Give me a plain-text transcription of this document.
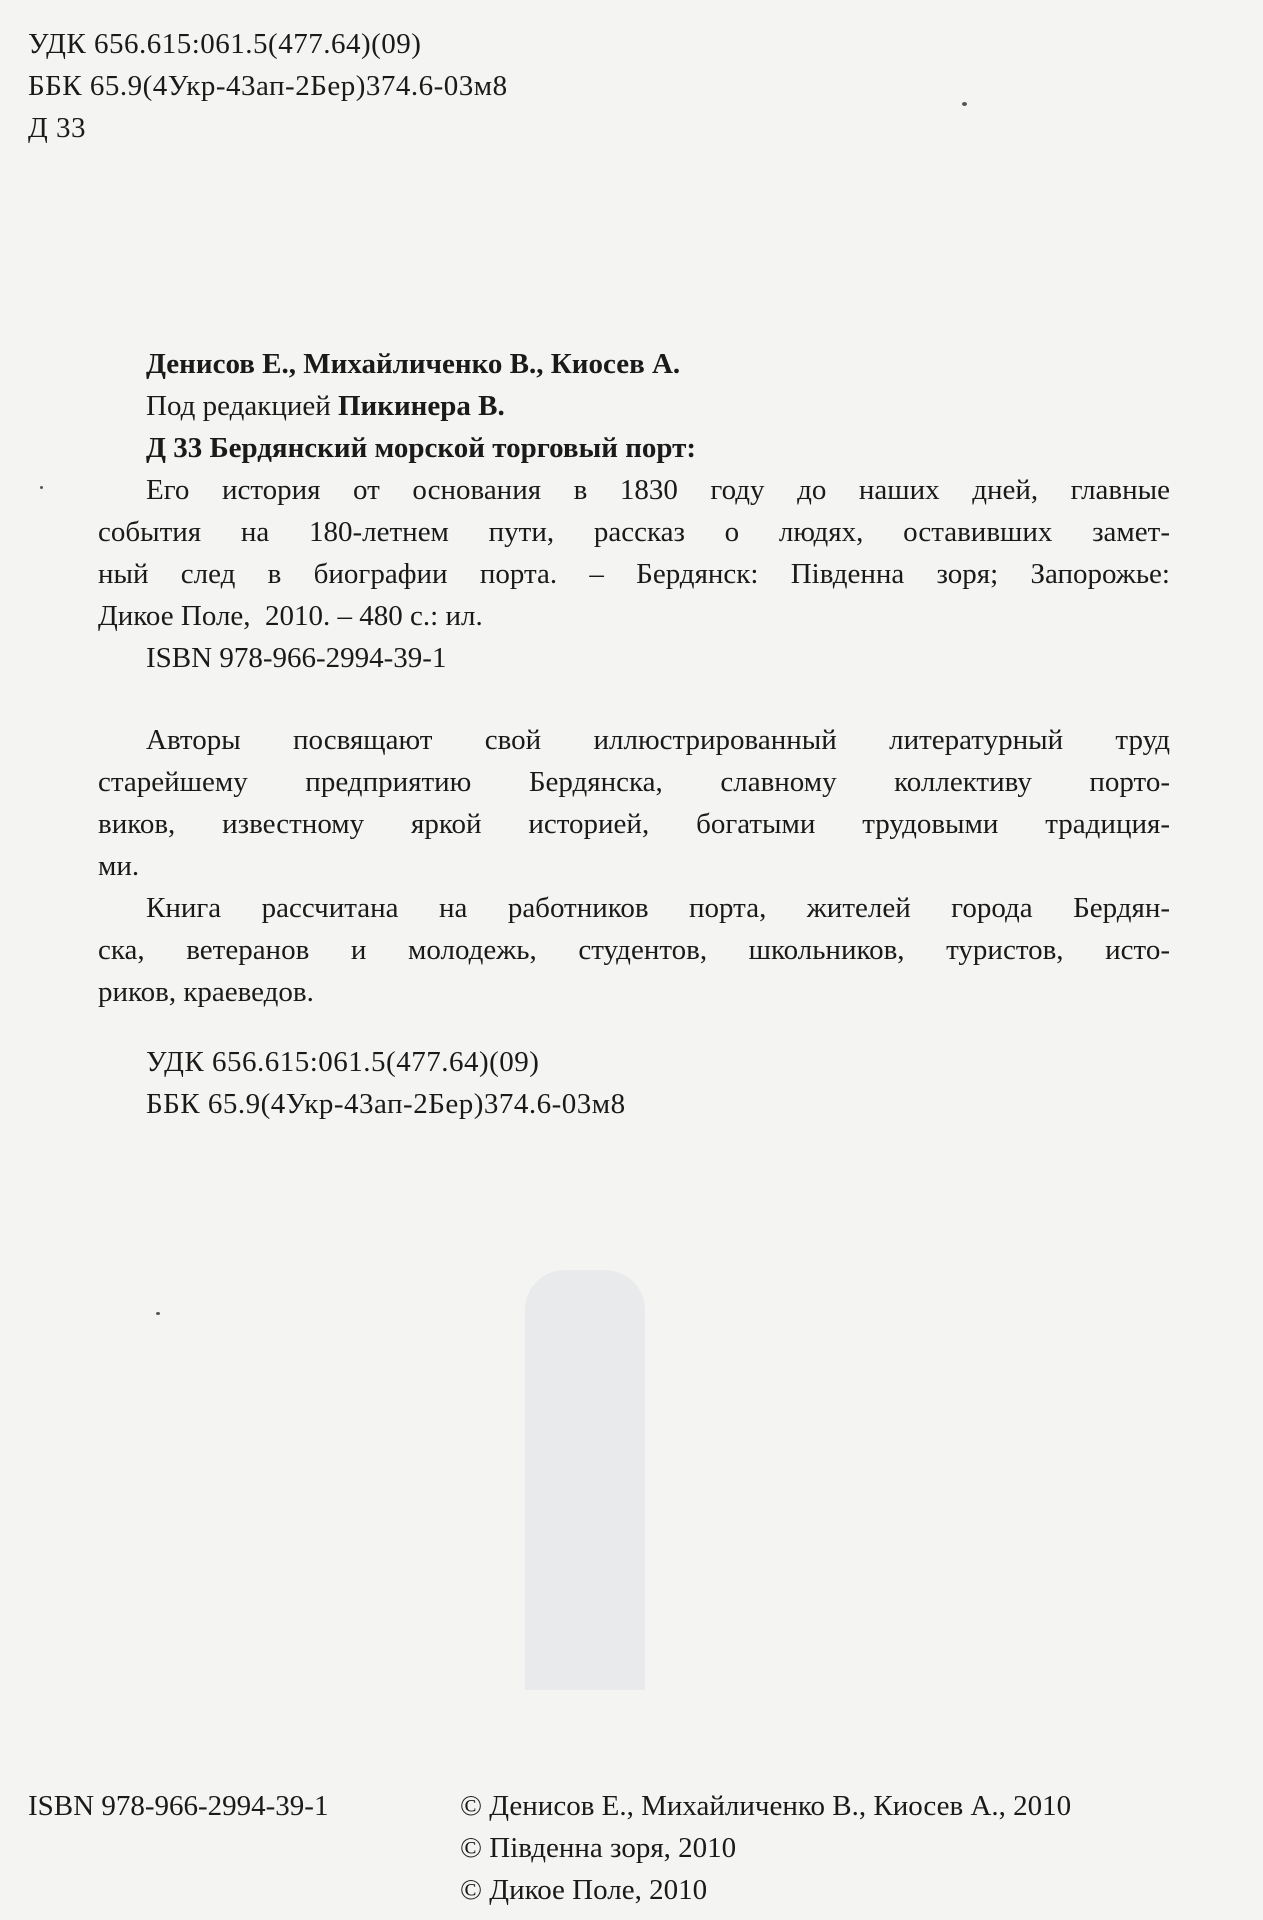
УДК 656.615:061.5(477.64)(09)
ББК 65.9(4Укр-43ап-2Бер)374.6-03м8
Д 33
Денисов Е., Михайличенко В., Киосев А.
Под редакцией Пикинера В.
Д 33 Бердянский морской торговый порт:
Его история от основания в 1830 году до наших дней, главные
события на 180-летнем пути, рассказ о людях, оставивших замет-
ный след в биографии порта. – Бердянск: Південна зоря; Запорожье:
Дикое Поле,  2010. – 480 с.: ил.
ISBN 978-966-2994-39-1
Авторы посвящают свой иллюстрированный литературный труд
старейшему предприятию Бердянска, славному коллективу порто-
виков, известному яркой историей, богатыми трудовыми традиция-
ми.
Книга рассчитана на работников порта, жителей города Бердян-
ска, ветеранов и молодежь, студентов, школьников, туристов, исто-
риков, краеведов.
УДК 656.615:061.5(477.64)(09)
ББК 65.9(4Укр-43ап-2Бер)374.6-03м8
ISBN 978-966-2994-39-1	© Денисов Е., Михайличенко В., Киосев А., 2010
© Південна зоря, 2010
© Дикое Поле, 2010
